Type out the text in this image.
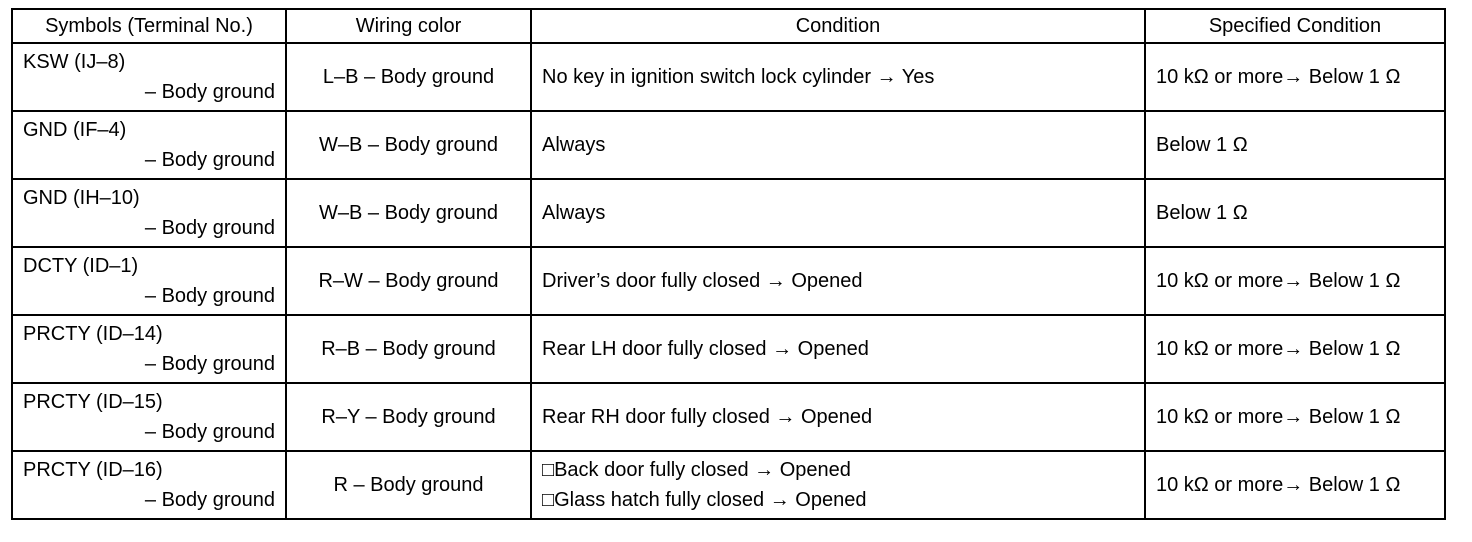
Symbols (Terminal No.)	Wiring color	Condition	Specified Condition

KSW (IJ–8)
– Body ground	L–B – Body ground	No key in ignition switch lock cylinder → Yes	10 kΩ or more→ Below 1 Ω

GND (IF–4)
– Body ground	W–B – Body ground	Always	Below 1 Ω

GND (IH–10)
– Body ground	W–B – Body ground	Always	Below 1 Ω

DCTY (ID–1)
– Body ground	R–W – Body ground	Driver’s door fully closed → Opened	10 kΩ or more→ Below 1 Ω

PRCTY (ID–14)
– Body ground	R–B – Body ground	Rear LH door fully closed → Opened	10 kΩ or more→ Below 1 Ω

PRCTY (ID–15)
– Body ground	R–Y – Body ground	Rear RH door fully closed → Opened	10 kΩ or more→ Below 1 Ω

PRCTY (ID–16)
– Body ground	R – Body ground	□Back door fully closed → Opened
□Glass hatch fully closed → Opened	10 kΩ or more→ Below 1 Ω
